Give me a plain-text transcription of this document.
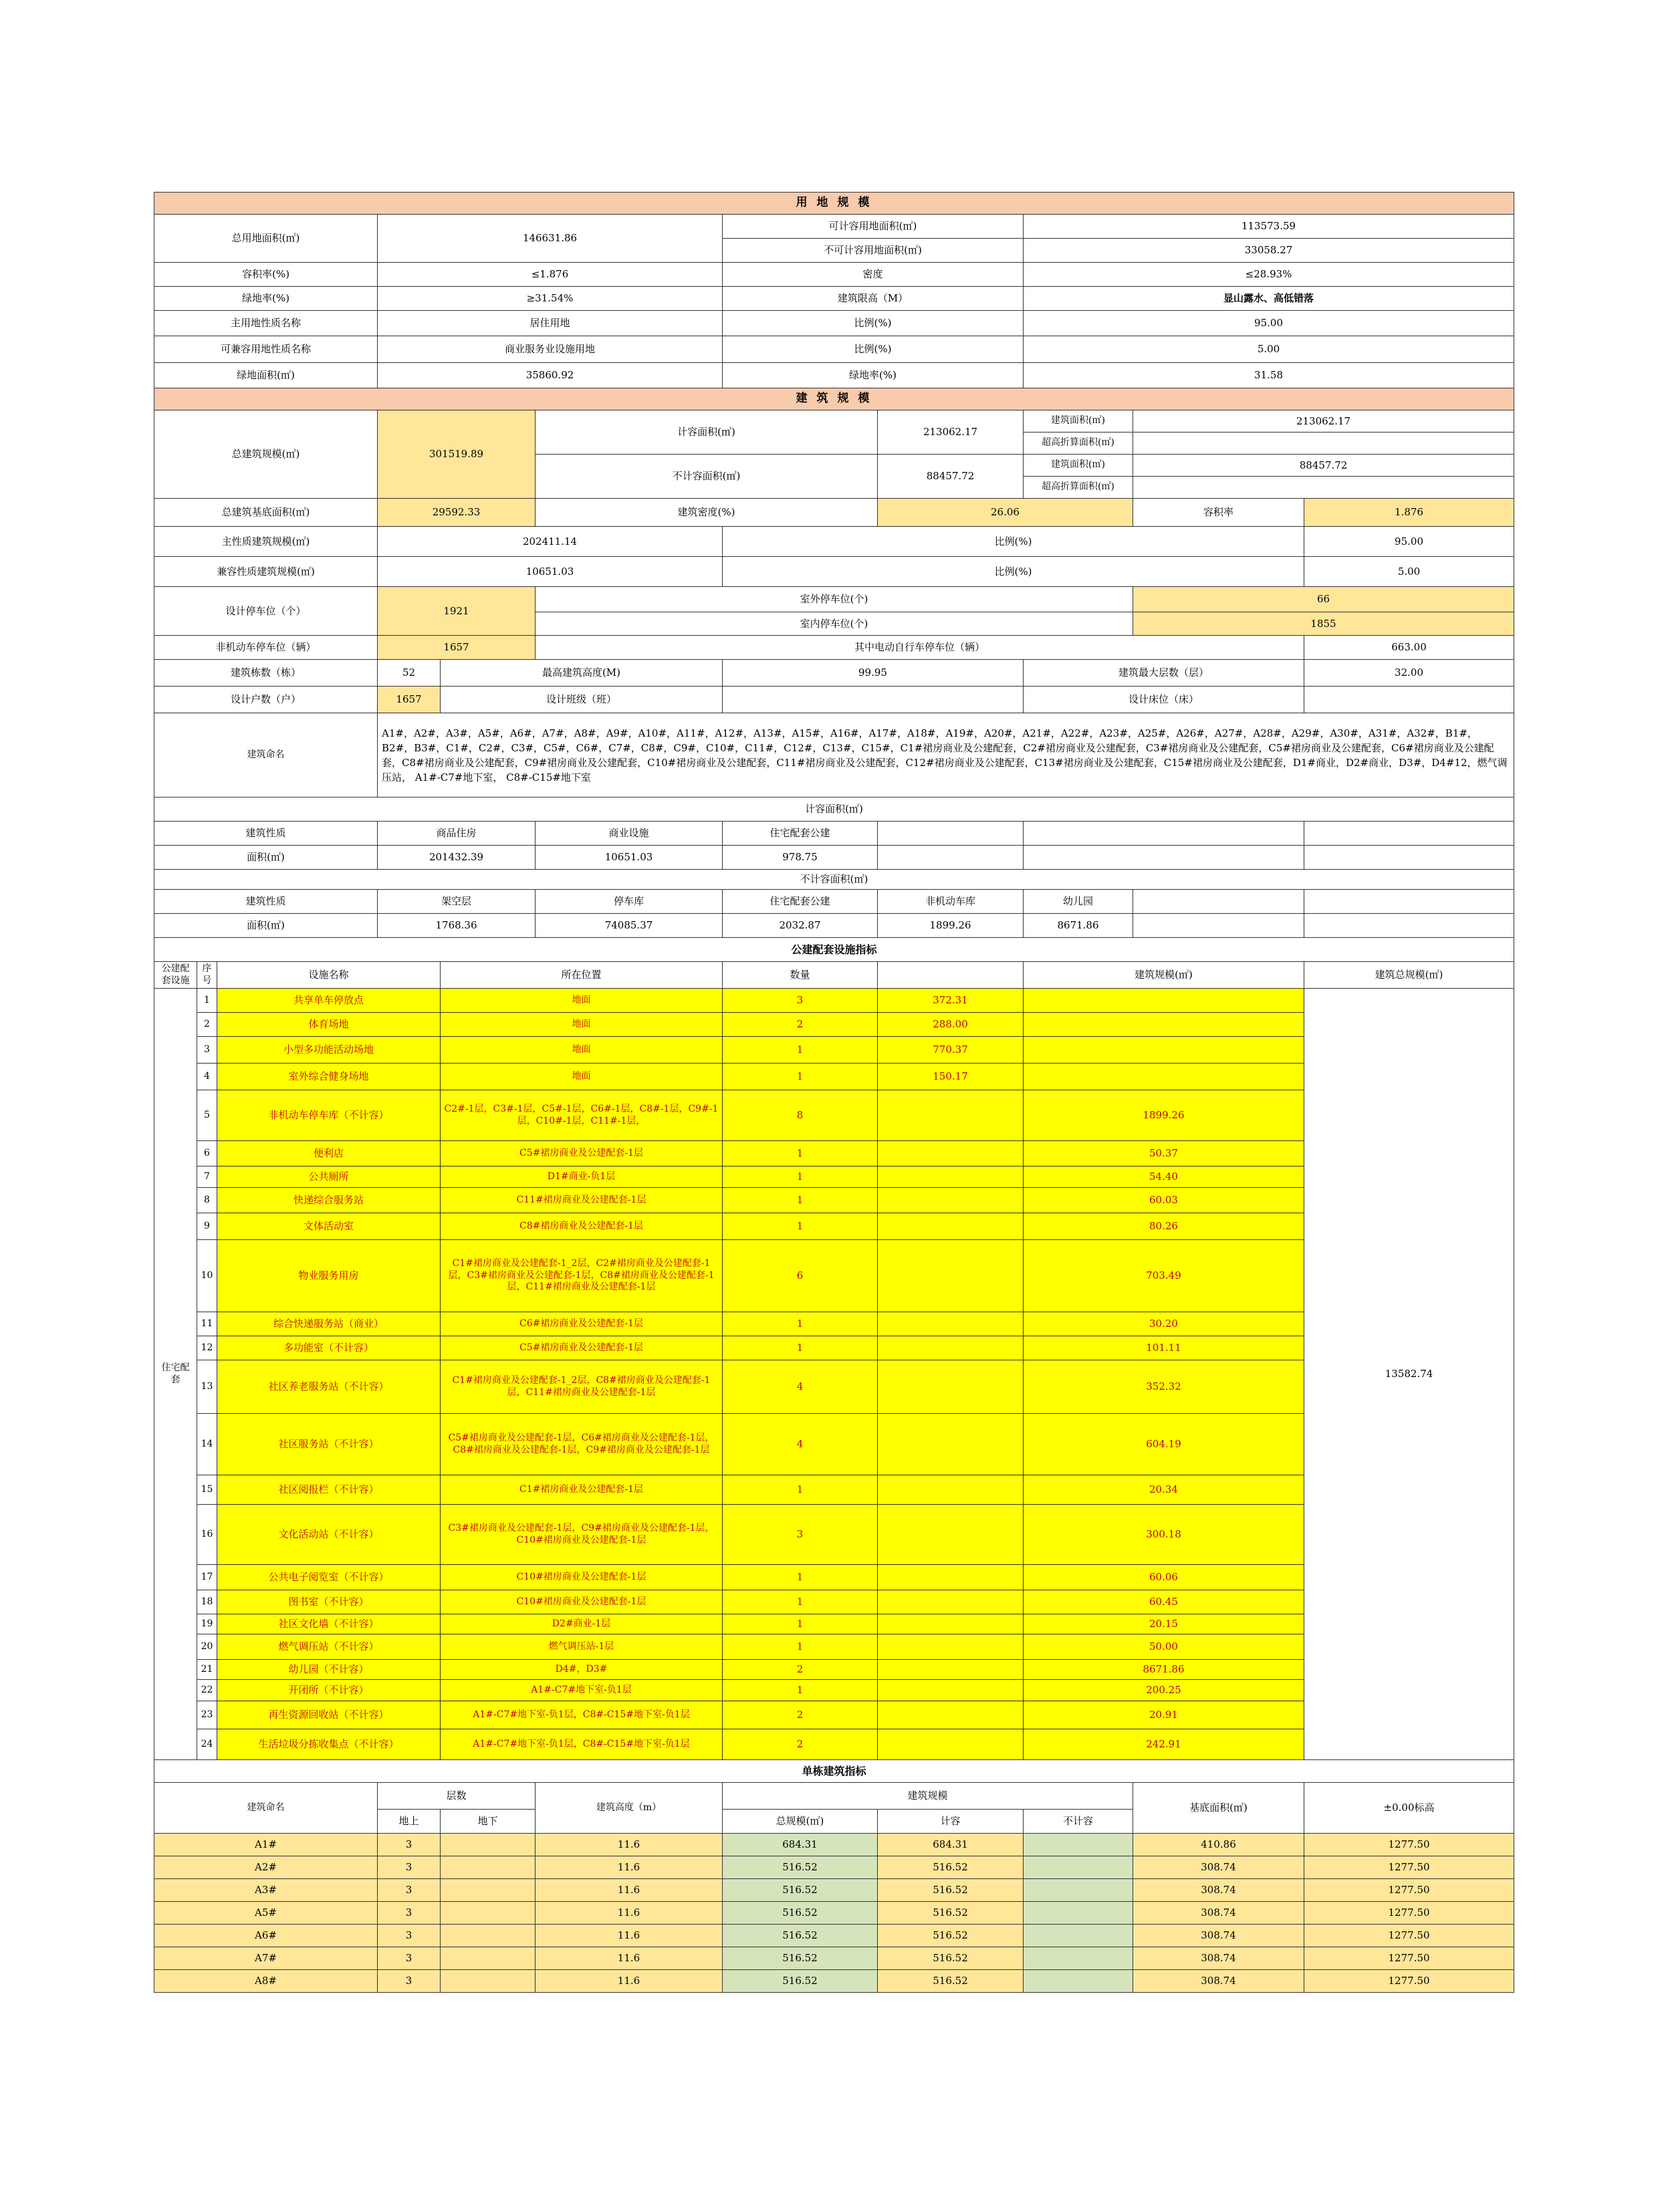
用 地 规 模										
总用地面积(㎡)			146631.86			可计容用地面积(㎡)		113573.59		
						不可计容用地面积(㎡)		33058.27		
容积率(%)			≤1.876			密度		≤28.93%		
绿地率(%)			≥31.54%			建筑限高（M）		显山露水、高低错落		
主用地性质名称			居住用地			比例(%)		95.00		
可兼容用地性质名称			商业服务业设施用地			比例(%)		5.00		
绿地面积(㎡)			35860.92			绿地率(%)		31.58		
建 筑 规 模										
总建筑规模(㎡)			301519.89		计容面积(㎡)		213062.17	建筑面积(㎡)	213062.17	
								超高折算面积(㎡)		
					不计容面积(㎡)		88457.72	建筑面积(㎡)	88457.72	
								超高折算面积(㎡)		
总建筑基底面积(㎡)			29592.33		建筑密度(%)		26.06		容积率	1.876
主性质建筑规模(㎡)			202411.14			比例(%)				95.00
兼容性质建筑规模(㎡)			10651.03			比例(%)				5.00
设计停车位（个）			1921		室外停车位(个)				66	
					室内停车位(个)				1855	
非机动车停车位（辆）			1657		其中电动自行车停车位（辆）					663.00
建筑栋数（栋）			52	最高建筑高度(M)		99.95		建筑最大层数（层）		32.00
设计户数（户）			1657	设计班级（班）				设计床位（床）		
建筑命名			A1#，A2#，A3#，A5#，A6#，A7#，A8#，A9#，A10#，A11#，A12#，A13#，A15#，A16#，A17#，A18#，A19#，A20#，A21#，A22#，A23#，A25#，A26#，A27#，A28#，A29#，A30#，A31#，A32#，B1#，B2#，B3#，C1#，C2#，C3#，C5#，C6#，C7#，C8#，C9#，C10#，C11#，C12#，C13#，C15#，C1#裙房商业及公建配套，C2#裙房商业及公建配套，C3#裙房商业及公建配套，C5#裙房商业及公建配套，C6#裙房商业及公建配套，C8#裙房商业及公建配套，C9#裙房商业及公建配套，C10#裙房商业及公建配套，C11#裙房商业及公建配套，C12#裙房商业及公建配套，C13#裙房商业及公建配套，C15#裙房商业及公建配套，D1#商业，D2#商业，D3#，D4#12，燃气调压站， A1#-C7#地下室， C8#-C15#地下室							
计容面积(㎡)										
建筑性质			商品住房		商业设施	住宅配套公建				
面积(㎡)			201432.39		10651.03	978.75				
不计容面积(㎡)										
建筑性质			架空层		停车库	住宅配套公建	非机动车库	幼儿园		
面积(㎡)			1768.36		74085.37	2032.87	1899.26	8671.86		
公建配套设施指标										
公建配套设施	序号	设施名称		所在位置		数量		建筑规模(㎡)		建筑总规模(㎡)
住宅配套	1	共享单车停放点		地面		3	372.31			13582.74
	2	体育场地		地面		2	288.00			
	3	小型多功能活动场地		地面		1	770.37			
	4	室外综合健身场地		地面		1	150.17			
	5	非机动车停车库（不计容）		C2#-1层，C3#-1层，C5#-1层，C6#-1层，C8#-1层，C9#-1层，C10#-1层，C11#-1层，		8		1899.26		
	6	便利店		C5#裙房商业及公建配套-1层		1		50.37		
	7	公共厕所		D1#商业-负1层		1		54.40		
	8	快递综合服务站		C11#裙房商业及公建配套-1层		1		60.03		
	9	文体活动室		C8#裙房商业及公建配套-1层		1		80.26		
	10	物业服务用房		C1#裙房商业及公建配套-1_2层，C2#裙房商业及公建配套-1层，C3#裙房商业及公建配套-1层，C8#裙房商业及公建配套-1层，C11#裙房商业及公建配套-1层		6		703.49		
	11	综合快递服务站（商业）		C6#裙房商业及公建配套-1层		1		30.20		
	12	多功能室（不计容）		C5#裙房商业及公建配套-1层		1		101.11		
	13	社区养老服务站（不计容）		C1#裙房商业及公建配套-1_2层，C8#裙房商业及公建配套-1层，C11#裙房商业及公建配套-1层		4		352.32		
	14	社区服务站（不计容）		C5#裙房商业及公建配套-1层，C6#裙房商业及公建配套-1层，C8#裙房商业及公建配套-1层，C9#裙房商业及公建配套-1层		4		604.19		
	15	社区阅报栏（不计容）		C1#裙房商业及公建配套-1层		1		20.34		
	16	文化活动站（不计容）		C3#裙房商业及公建配套-1层，C9#裙房商业及公建配套-1层，C10#裙房商业及公建配套-1层		3		300.18		
	17	公共电子阅览室（不计容）		C10#裙房商业及公建配套-1层		1		60.06		
	18	图书室（不计容）		C10#裙房商业及公建配套-1层		1		60.45		
	19	社区文化墙（不计容）		D2#商业-1层		1		20.15		
	20	燃气调压站（不计容）		燃气调压站-1层		1		50.00		
	21	幼儿园（不计容）		D4#，D3#		2		8671.86		
	22	开闭所（不计容）		A1#-C7#地下室-负1层		1		200.25		
	23	再生资源回收站（不计容）		A1#-C7#地下室-负1层，C8#-C15#地下室-负1层		2		20.91		
	24	生活垃圾分拣收集点（不计容）		A1#-C7#地下室-负1层，C8#-C15#地下室-负1层		2		242.91		
单栋建筑指标										
建筑命名			层数		建筑高度（m）	建筑规模			基底面积(㎡)	±0.00标高
			地上	地下		总规模(㎡)	计容	不计容		
A1#			3		11.6	684.31	684.31		410.86	1277.50
A2#			3		11.6	516.52	516.52		308.74	1277.50
A3#			3		11.6	516.52	516.52		308.74	1277.50
A5#			3		11.6	516.52	516.52		308.74	1277.50
A6#			3		11.6	516.52	516.52		308.74	1277.50
A7#			3		11.6	516.52	516.52		308.74	1277.50
A8#			3		11.6	516.52	516.52		308.74	1277.50
